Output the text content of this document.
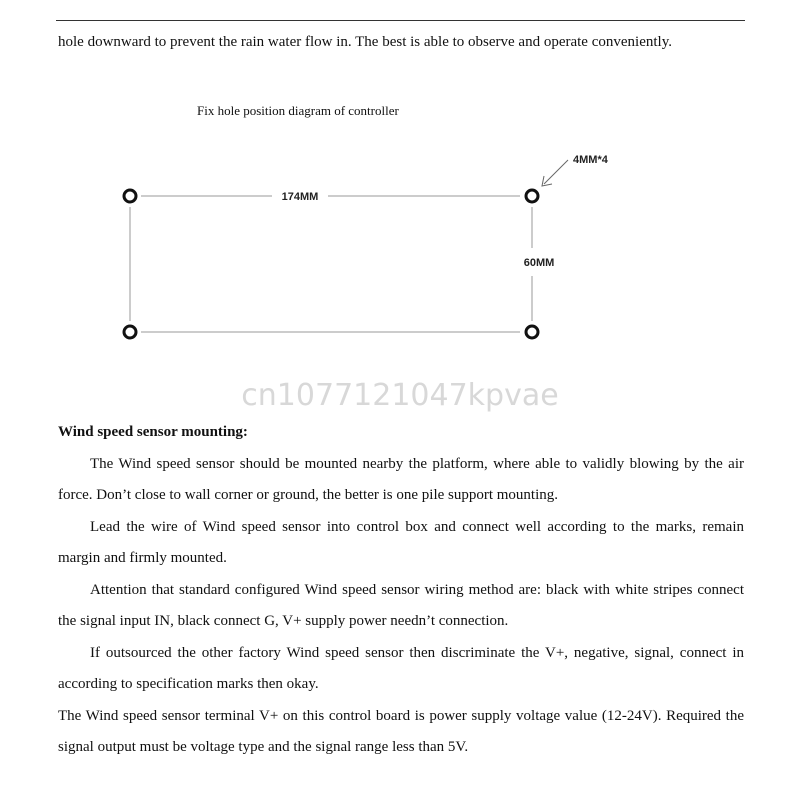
hole downward to prevent the rain water flow in. The best is able to observe and operate conveniently.
Fix hole position diagram of controller
4MM*4
174MM
60MM
cn1077121047kpvae
Wind speed sensor mounting:
The Wind speed sensor should be mounted nearby the platform, where able to validly blowing by the air force. Don’t close to wall corner or ground, the better is one pile support mounting.
Lead the wire of Wind speed sensor into control box and connect well according to the marks, remain margin and firmly mounted.
Attention that standard configured Wind speed sensor wiring method are: black with white stripes connect the signal input IN, black connect G, V+ supply power needn’t connection.
If outsourced the other factory Wind speed sensor then discriminate the V+, negative, signal, connect in according to specification marks then okay.
The Wind speed sensor terminal V+ on this control board is power supply voltage value (12-24V). Required the signal output must be voltage type and the signal range less than 5V.
